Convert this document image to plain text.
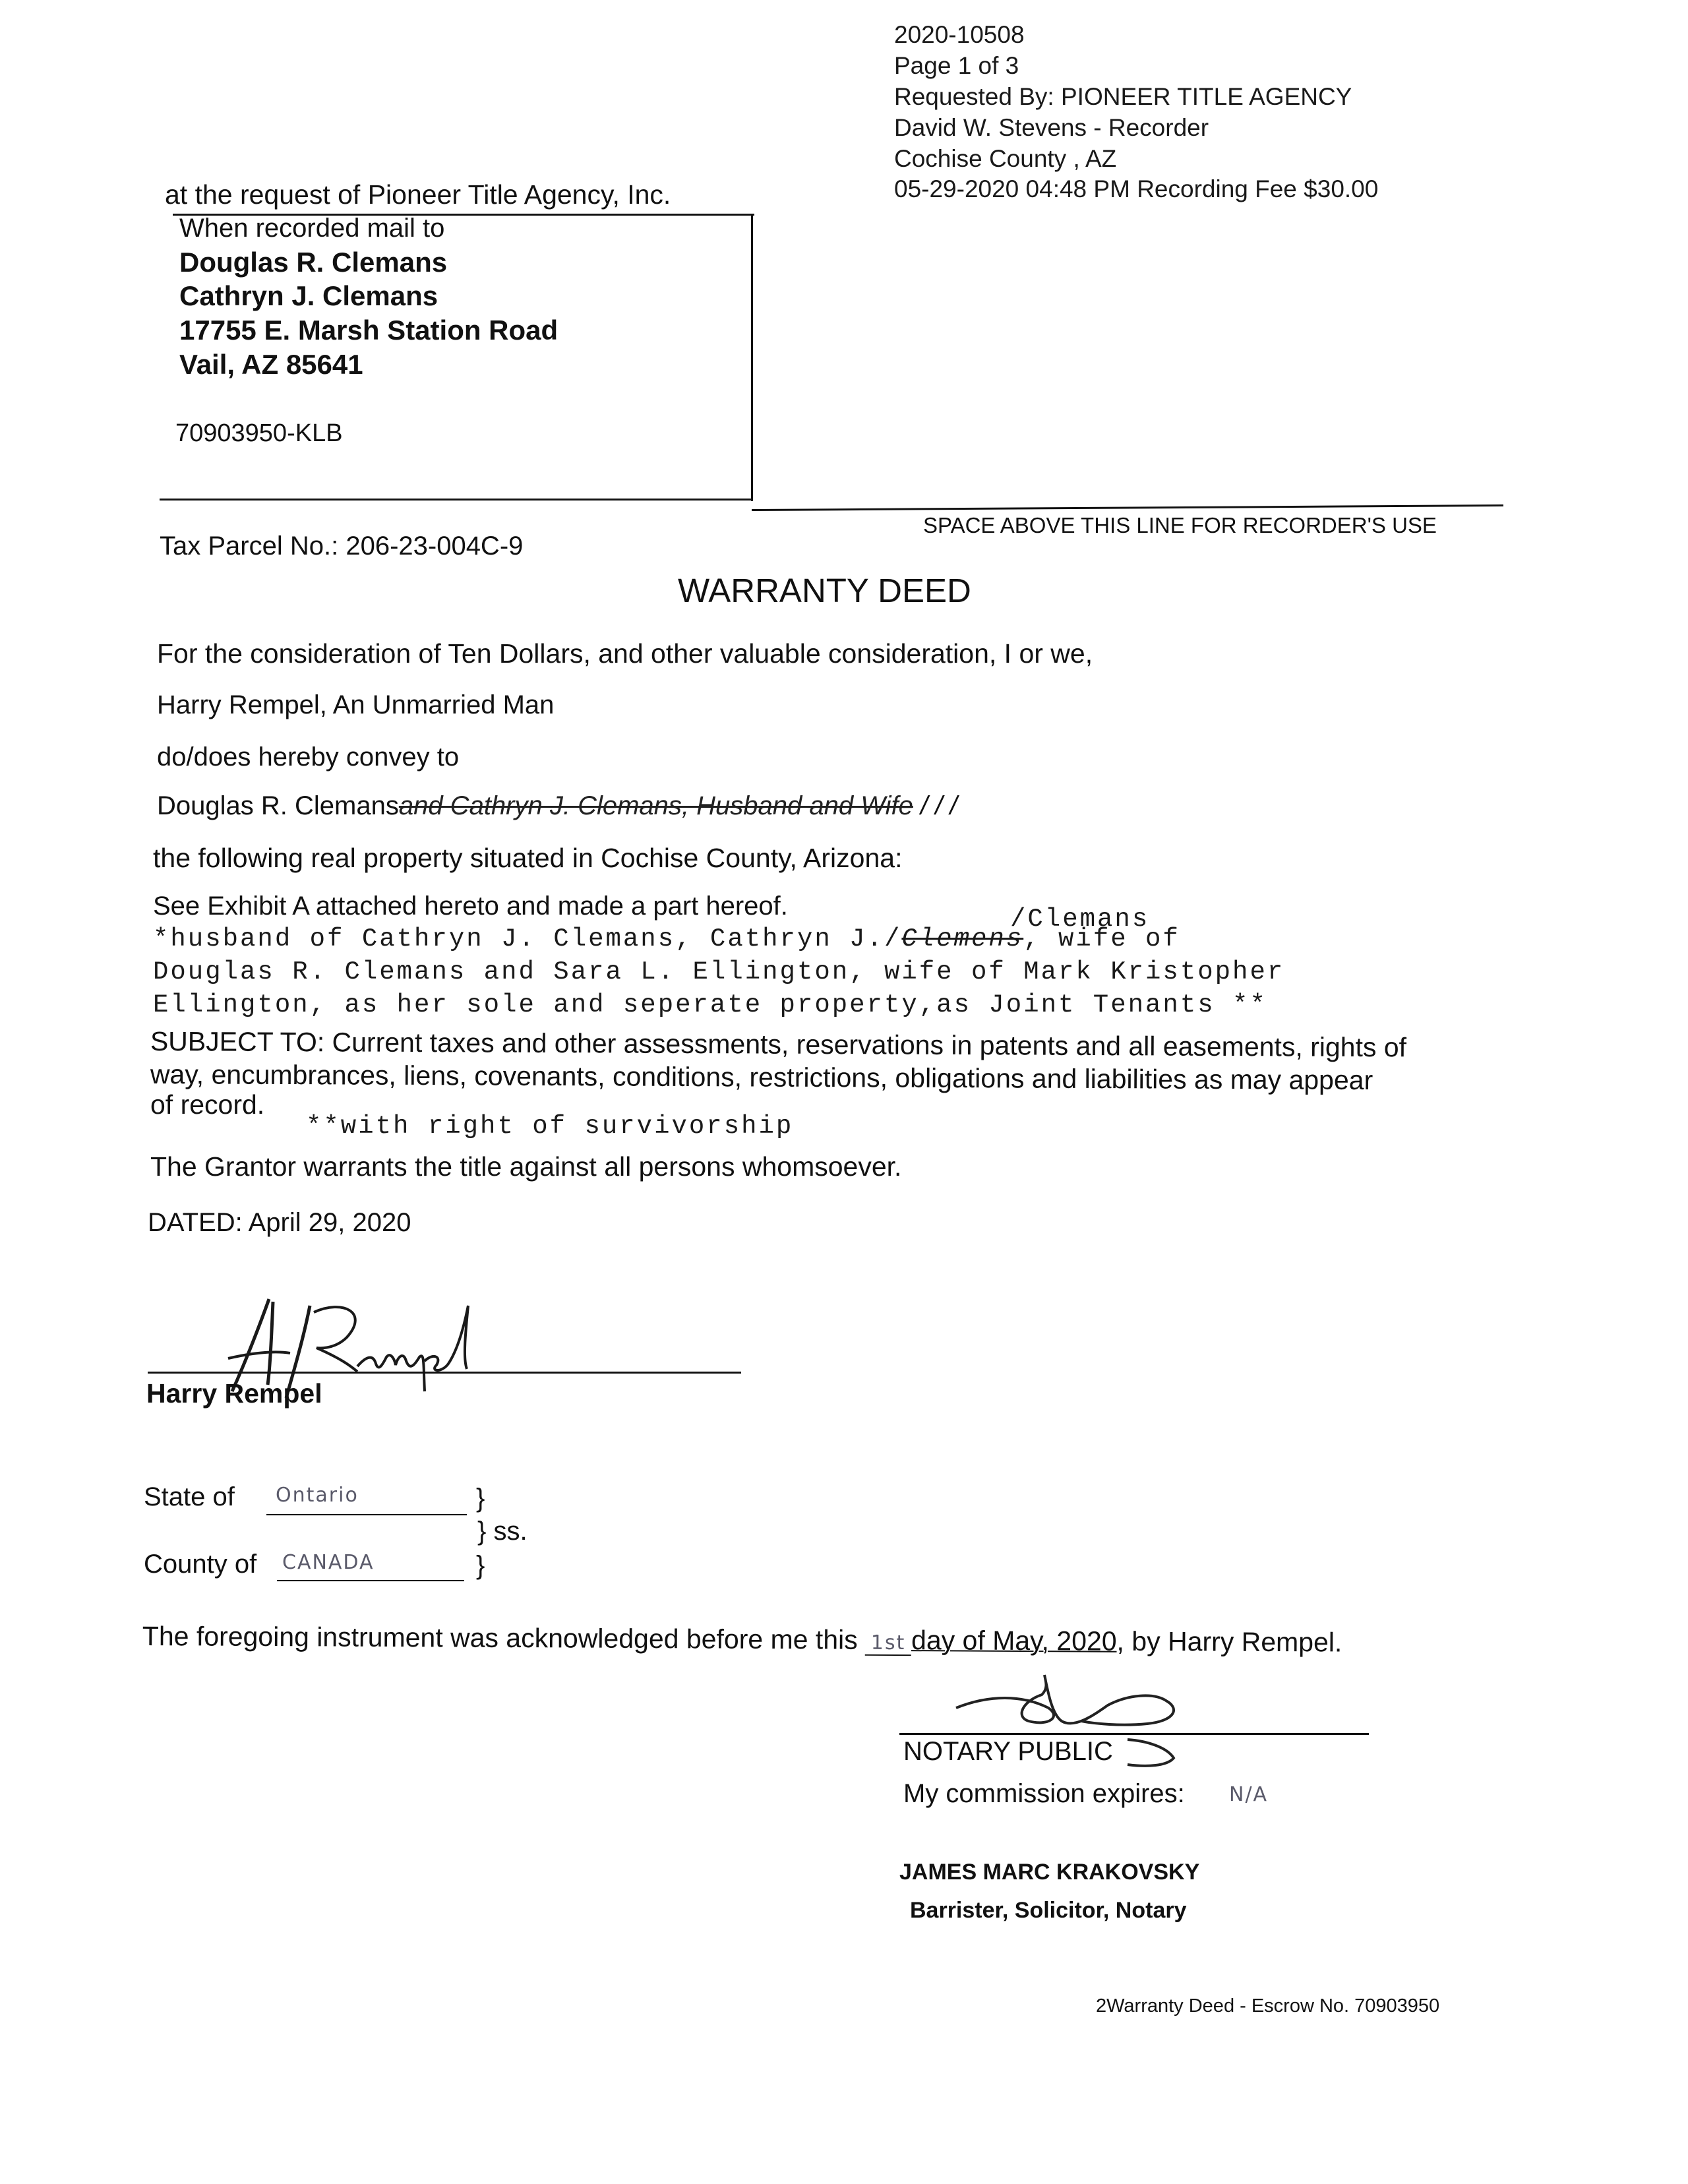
2020-10508
Page 1 of 3
Requested By: PIONEER TITLE AGENCY
David W. Stevens - Recorder
Cochise County , AZ
05-29-2020 04:48 PM Recording Fee $30.00
at the request of Pioneer Title Agency, Inc.
When recorded mail to
Douglas R. Clemans
Cathryn J. Clemans
17755 E. Marsh Station Road
Vail, AZ 85641
70903950-KLB
SPACE ABOVE THIS LINE FOR RECORDER'S USE
Tax Parcel No.: 206-23-004C-9
WARRANTY DEED
For the consideration of Ten Dollars, and other valuable consideration, I or we,
Harry Rempel, An Unmarried Man
do/does hereby convey to
Douglas R. Clemansand Cathryn J. Clemans, Husband and Wife / / /
the following real property situated in Cochise County, Arizona:
See Exhibit A attached hereto and made a part hereof.	/Clemans
*husband of Cathryn J. Clemans, Cathryn J./Clemens, wife of
Douglas R. Clemans and Sara L. Ellington, wife of Mark Kristopher
Ellington, as her sole and seperate property,as Joint Tenants **
SUBJECT TO: Current taxes and other assessments, reservations in patents and all easements, rights of
way, encumbrances, liens, covenants, conditions, restrictions, obligations and liabilities as may appear
of record.
**with right of survivorship
The Grantor warrants the title against all persons whomsoever.
DATED: April 29, 2020
Harry Rempel
State of Ontario	}
} ss.
County of CANADA	}
The foregoing instrument was acknowledged before me this 1st day of May, 2020, by Harry Rempel.
NOTARY PUBLIC
My commission expires: N/A
JAMES MARC KRAKOVSKY
Barrister, Solicitor, Notary
2Warranty Deed - Escrow No. 70903950
